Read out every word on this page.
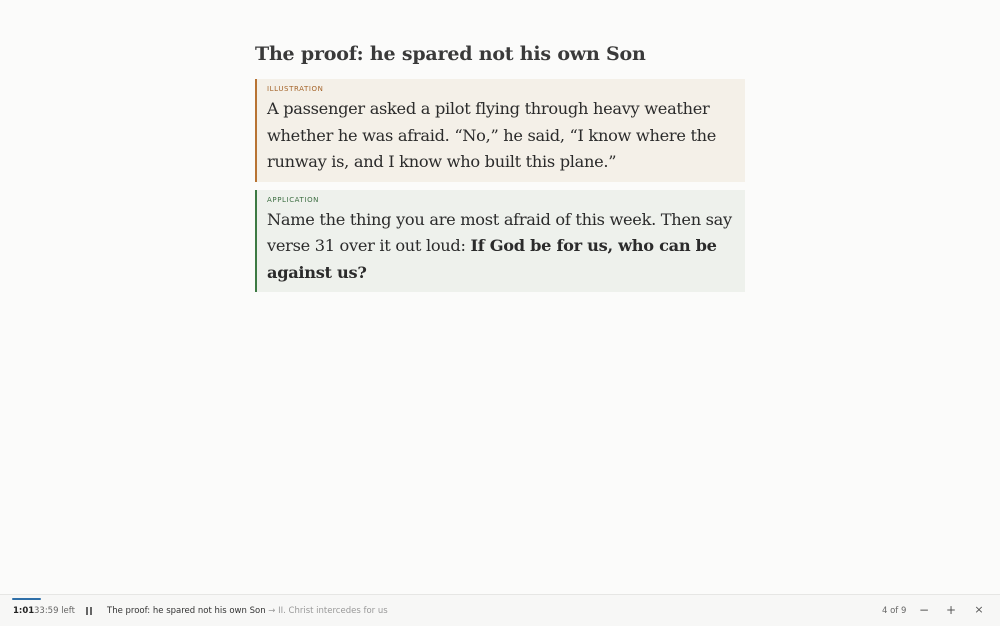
The proof: he spared not his own Son
ILLUSTRATION
A passenger asked a pilot flying through heavy weather whether he was afraid. “No,” he said, “I know where the runway is, and I know who built this plane.”
APPLICATION
Name the thing you are most afraid of this week. Then say verse 31 over it out loud: If God be for us, who can be against us?
1:01 33:59 left	The proof: he spared not his own Son → II. Christ intercedes for us	4 of 9 − + ×
